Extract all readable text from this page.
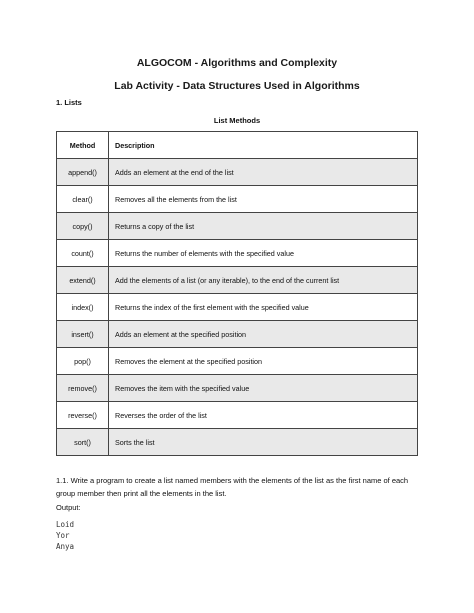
ALGOCOM - Algorithms and Complexity
Lab Activity - Data Structures Used in Algorithms
1. Lists
List Methods
Method	Description
append()	Adds an element at the end of the list
clear()	Removes all the elements from the list
copy()	Returns a copy of the list
count()	Returns the number of elements with the specified value
extend()	Add the elements of a list (or any iterable), to the end of the current list
index()	Returns the index of the first element with the specified value
insert()	Adds an element at the specified position
pop()	Removes the element at the specified position
remove()	Removes the item with the specified value
reverse()	Reverses the order of the list
sort()	Sorts the list
1.1. Write a program to create a list named members with the elements of the list as the first name of each group member then print all the elements in the list.
Output:
Loid
Yor
Anya
